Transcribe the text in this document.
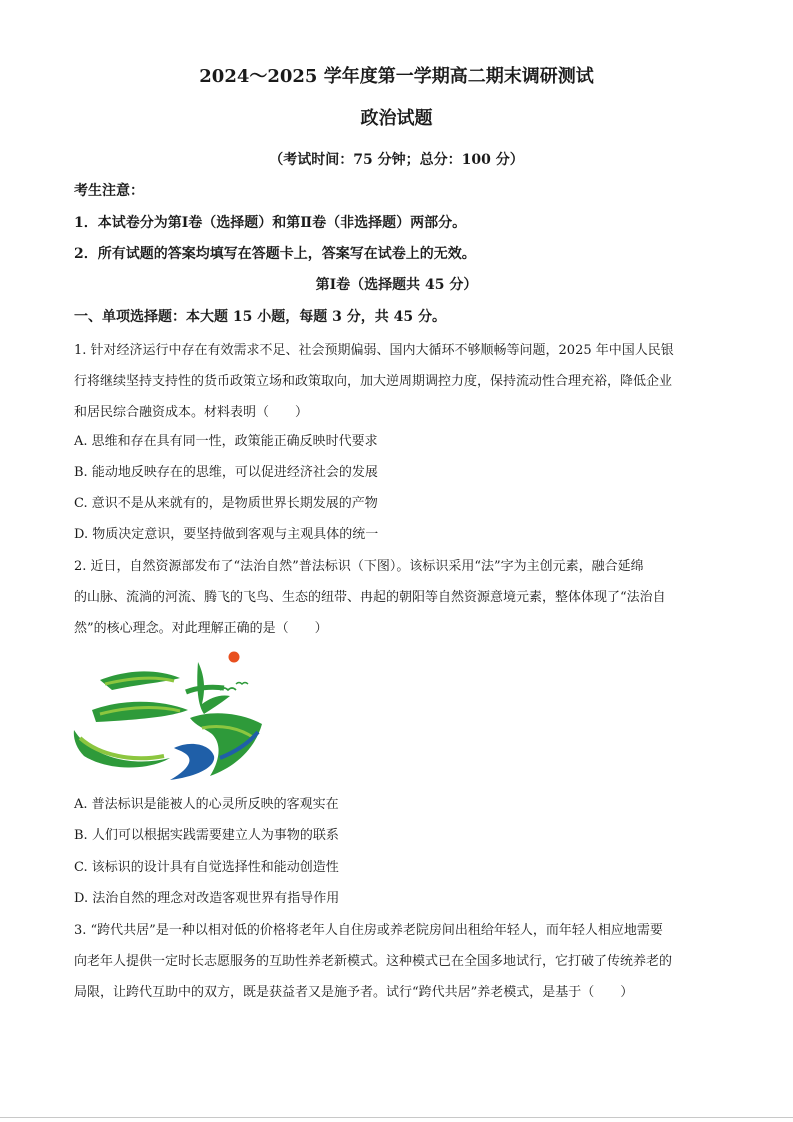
2024～2025 学年度第一学期高二期末调研测试
政治试题
（考试时间：75 分钟；总分：100 分）
考生注意：
1．本试卷分为第Ⅰ卷（选择题）和第Ⅱ卷（非选择题）两部分。
2．所有试题的答案均填写在答题卡上，答案写在试卷上的无效。
第Ⅰ卷（选择题共 45 分）
一、单项选择题：本大题 15 小题，每题 3 分，共 45 分。
1. 针对经济运行中存在有效需求不足、社会预期偏弱、国内大循环不够顺畅等问题，2025 年中国人民银
行将继续坚持支持性的货币政策立场和政策取向，加大逆周期调控力度，保持流动性合理充裕，降低企业
和居民综合融资成本。材料表明（　　）
A. 思维和存在具有同一性，政策能正确反映时代要求
B. 能动地反映存在的思维，可以促进经济社会的发展
C. 意识不是从来就有的，是物质世界长期发展的产物
D. 物质决定意识，要坚持做到客观与主观具体的统一
2. 近日，自然资源部发布了“法治自然”普法标识（下图）。该标识采用“法”字为主创元素，融合延绵
的山脉、流淌的河流、腾飞的飞鸟、生态的纽带、冉起的朝阳等自然资源意境元素，整体体现了“法治自
然”的核心理念。对此理解正确的是（　　）
A. 普法标识是能被人的心灵所反映的客观实在
B. 人们可以根据实践需要建立人为事物的联系
C. 该标识的设计具有自觉选择性和能动创造性
D. 法治自然的理念对改造客观世界有指导作用
3. “跨代共居”是一种以相对低的价格将老年人自住房或养老院房间出租给年轻人，而年轻人相应地需要
向老年人提供一定时长志愿服务的互助性养老新模式。这种模式已在全国多地试行，它打破了传统养老的
局限，让跨代互助中的双方，既是获益者又是施予者。试行“跨代共居”养老模式，是基于（　　）
